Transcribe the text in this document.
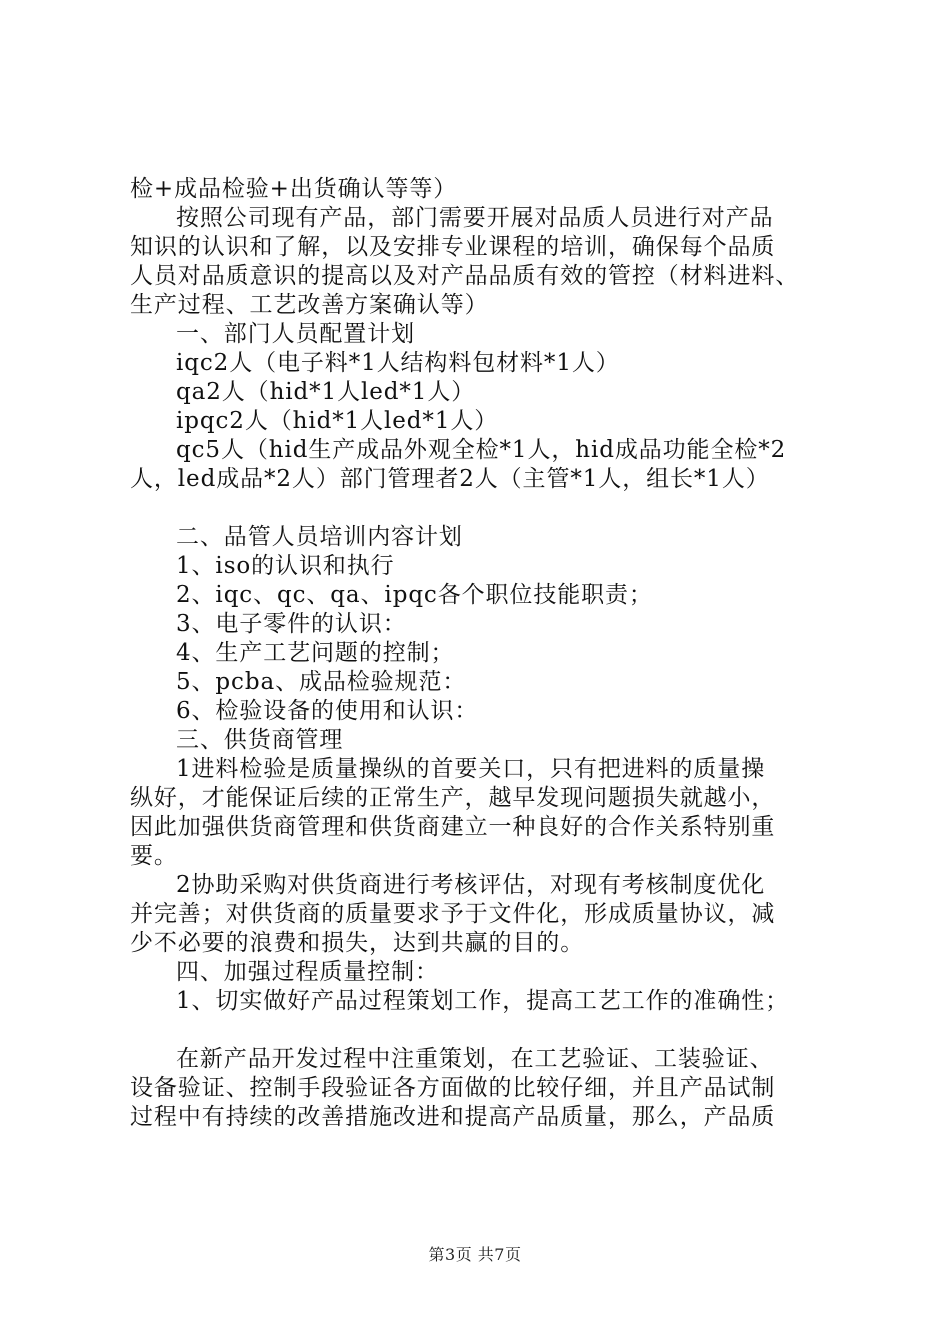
检+成品检验+出货确认等等）
按照公司现有产品，部门需要开展对品质人员进行对产品
知识的认识和了解，以及安排专业课程的培训，确保每个品质
人员对品质意识的提高以及对产品品质有效的管控（材料进料、
生产过程、工艺改善方案确认等）
一、部门人员配置计划
iqc2人（电子料*1人结构料包材料*1人）
qa2人（hid*1人led*1人）
ipqc2人（hid*1人led*1人）
qc5人（hid生产成品外观全检*1人，hid成品功能全检*2
人，led成品*2人）部门管理者2人（主管*1人，组长*1人）
二、品管人员培训内容计划
1、iso的认识和执行
2、iqc、qc、qa、ipqc各个职位技能职责；
3、电子零件的认识：
4、生产工艺问题的控制；
5、pcba、成品检验规范：
6、检验设备的使用和认识：
三、供货商管理
1进料检验是质量操纵的首要关口，只有把进料的质量操
纵好，才能保证后续的正常生产，越早发现问题损失就越小，
因此加强供货商管理和供货商建立一种良好的合作关系特别重
要。
2协助采购对供货商进行考核评估，对现有考核制度优化
并完善；对供货商的质量要求予于文件化，形成质量协议，减
少不必要的浪费和损失，达到共赢的目的。
四、加强过程质量控制：
1、切实做好产品过程策划工作，提高工艺工作的准确性；
在新产品开发过程中注重策划，在工艺验证、工装验证、
设备验证、控制手段验证各方面做的比较仔细，并且产品试制
过程中有持续的改善措施改进和提高产品质量，那么，产品质
第3页 共7页
